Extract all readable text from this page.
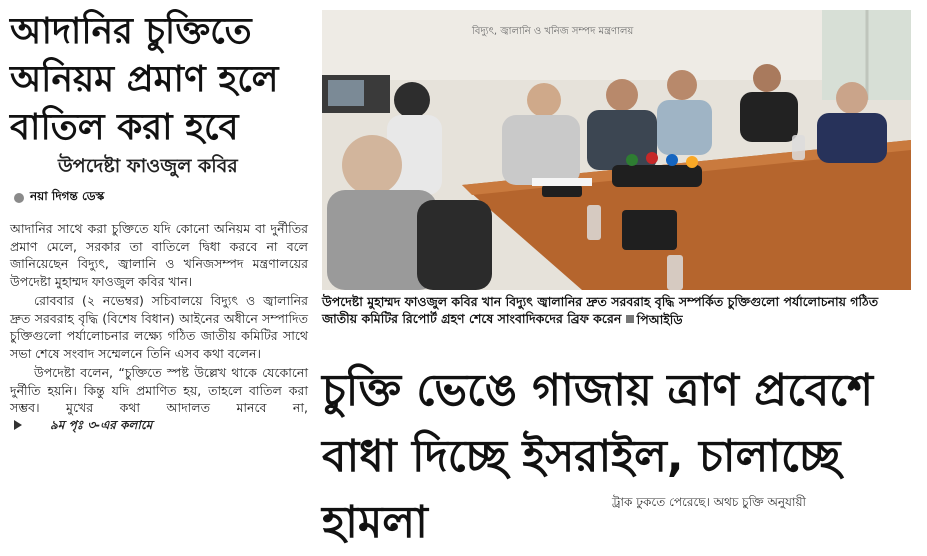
আদানির চুক্তিতে অনিয়ম প্রমাণ হলে বাতিল করা হবে

উপদেষ্টা ফাওজুল কবির

নয়া দিগন্ত ডেস্ক

আদানির সাথে করা চুক্তিতে যদি কোনো অনিয়ম বা দুর্নীতির প্রমাণ মেলে, সরকার তা বাতিলে দ্বিধা করবে না বলে জানিয়েছেন বিদ্যুৎ, জ্বালানি ও খনিজসম্পদ মন্ত্রণালয়ের উপদেষ্টা মুহাম্মদ ফাওজুল কবির খান।

রোববার (২ নভেম্বর) সচিবালয়ে বিদ্যুৎ ও জ্বালানির দ্রুত সরবরাহ বৃদ্ধি (বিশেষ বিধান) আইনের অধীনে সম্পাদিত চুক্তিগুলো পর্যালোচনার লক্ষ্যে গঠিত জাতীয় কমিটির সাথে সভা শেষে সংবাদ সম্মেলনে তিনি এসব কথা বলেন।

উপদেষ্টা বলেন, “চুক্তিতে স্পষ্ট উল্লেখ থাকে যেকোনো দুর্নীতি হয়নি। কিন্তু যদি প্রমাণিত হয়, তাহলে বাতিল করা সম্ভব। মুখের কথা আদালত মানবে না,
৯ম পৃঃ ৩-এর কলামে

বিদ্যুৎ, জ্বালানি ও খনিজ সম্পদ মন্ত্রণালয়

উপদেষ্টা মুহাম্মদ ফাওজুল কবির খান বিদ্যুৎ জ্বালানির দ্রুত সরবরাহ বৃদ্ধি সম্পর্কিত চুক্তিগুলো পর্যালোচনায় গঠিত জাতীয় কমিটির রিপোর্ট গ্রহণ শেষে সাংবাদিকদের ব্রিফ করেন পিআইডি

চুক্তি ভেঙে গাজায় ত্রাণ প্রবেশে বাধা দিচ্ছে ইসরাইল, চালাচ্ছে হামলা	ট্রাক ঢুকতে পেরেছে। অথচ চুক্তি অনুযায়ী
